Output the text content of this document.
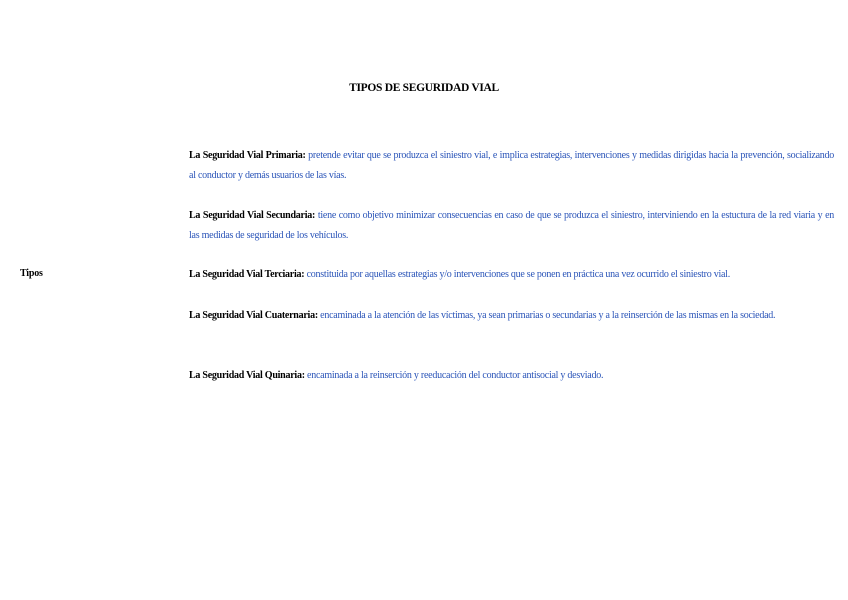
TIPOS DE SEGURIDAD VIAL
Tipos
La Seguridad Vial Primaria: pretende evitar que se produzca el siniestro vial, e implica estrategias, intervenciones y medidas dirigidas hacia la prevención, socializando al conductor y demás usuarios de las vías.
La Seguridad Vial Secundaria: tiene como objetivo minimizar consecuencias en caso de que se produzca el siniestro, interviniendo en la estuctura de la red viaria y en las medidas de seguridad de los vehículos.
La Seguridad Vial Terciaria: constituida por aquellas estrategias y/o intervenciones que se ponen en práctica una vez ocurrido el siniestro vial.
La Seguridad Vial Cuaternaria: encaminada a la atención de las víctimas, ya sean primarias o secundarias y a la reinserción de las mismas en la sociedad.
La Seguridad Vial Quinaria: encaminada a la reinserción y reeducación del conductor antisocial y desviado.
